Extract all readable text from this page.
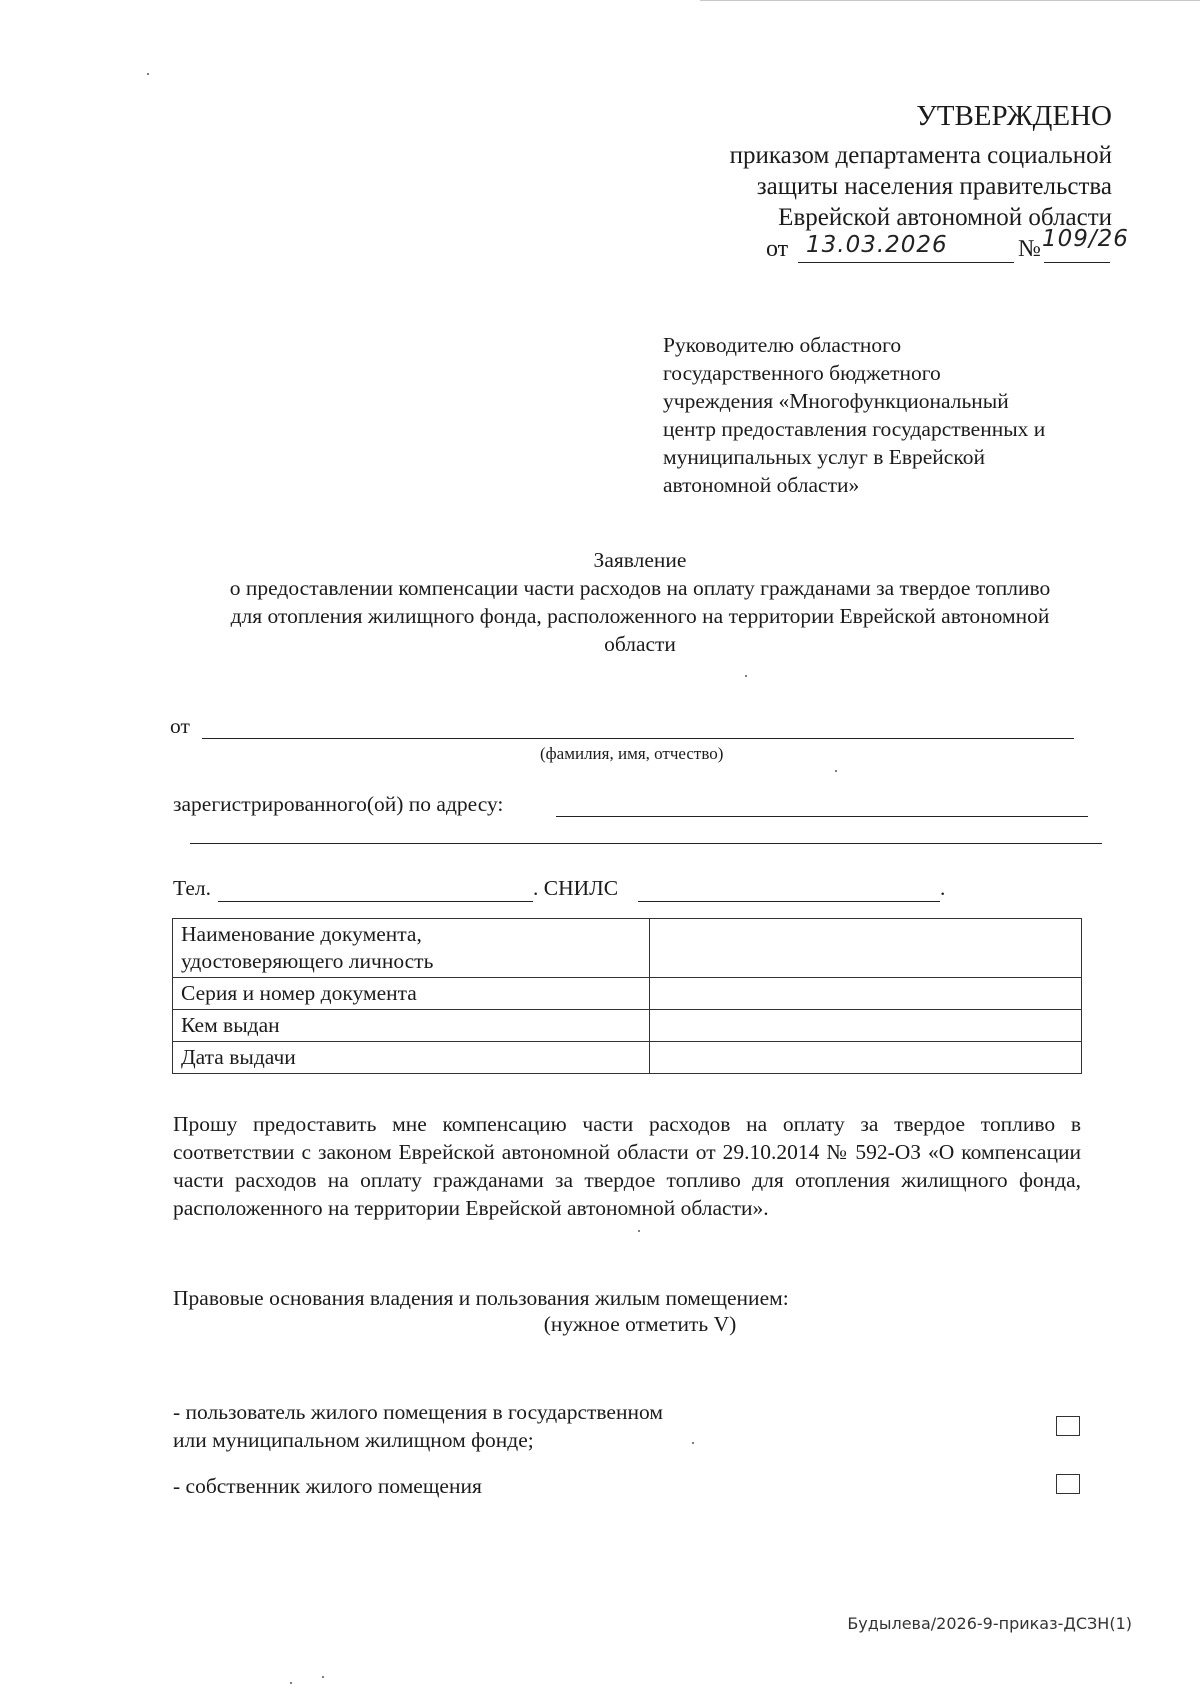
УТВЕРЖДЕНО
приказом департамента социальной
защиты населения правительства
Еврейской автономной области
от 13.03.2026	№ 109/26
Руководителю областного
государственного бюджетного
учреждения «Многофункциональный
центр предоставления государственных и
муниципальных услуг в Еврейской
автономной области»
Заявление
о предоставлении компенсации части расходов на оплату гражданами за твердое топливо
для отопления жилищного фонда, расположенного на территории Еврейской автономной
области
от
(фамилия, имя, отчество)
зарегистрированного(ой) по адресу:
Тел.	. СНИЛС	.
Наименование документа,
удостоверяющего личность	

Серия и номер документа	
Кем выдан	
Дата выдачи	
Прошу предоставить мне компенсацию части расходов на оплату за твердое топливо в соответствии с законом Еврейской автономной области от 29.10.2014 № 592-ОЗ «О компенсации части расходов на оплату гражданами за твердое топливо для отопления жилищного фонда, расположенного на территории Еврейской автономной области».
Правовые основания владения и пользования жилым помещением:
(нужное отметить V)
- пользователь жилого помещения в государственном
или муниципальном жилищном фонде;
- собственник жилого помещения
Будылева/2026-9-приказ-ДСЗН(1)
